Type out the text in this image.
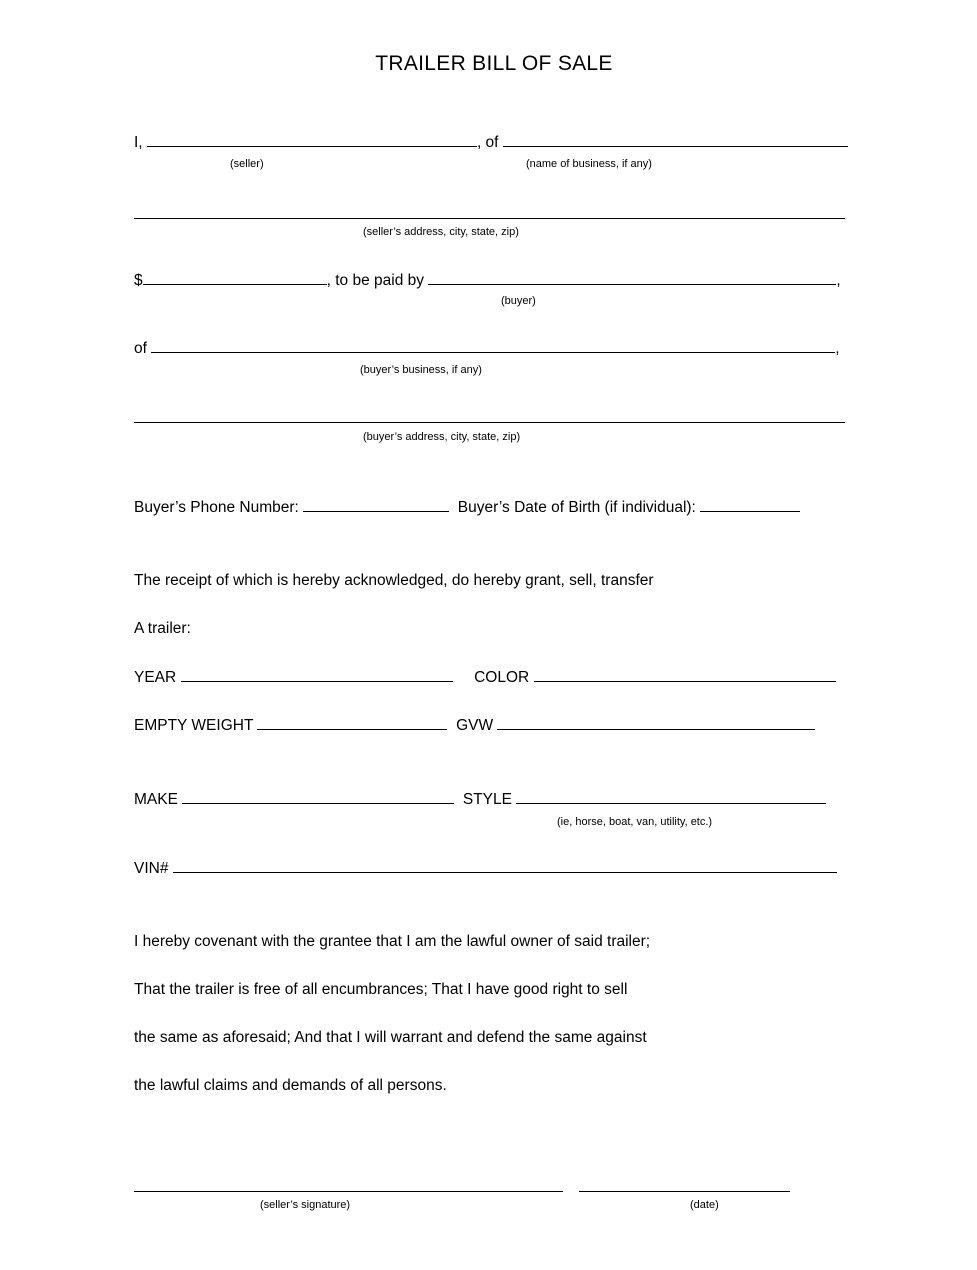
TRAILER BILL OF SALE
I,	, of
(seller)	(name of business, if any)
(seller’s address, city, state, zip)
$	, to be paid by	,
(buyer)
of	,
(buyer’s business, if any)
(buyer’s address, city, state, zip)
Buyer’s Phone Number:	Buyer’s Date of Birth (if individual):
The receipt of which is hereby acknowledged, do hereby grant, sell, transfer
A trailer:
YEAR	COLOR
EMPTY WEIGHT	GVW
MAKE	STYLE
(ie, horse, boat, van, utility, etc.)
VIN#
I hereby covenant with the grantee that I am the lawful owner of said trailer;
That the trailer is free of all encumbrances; That I have good right to sell
the same as aforesaid; And that I will warrant and defend the same against
the lawful claims and demands of all persons.
(seller’s signature)	(date)
